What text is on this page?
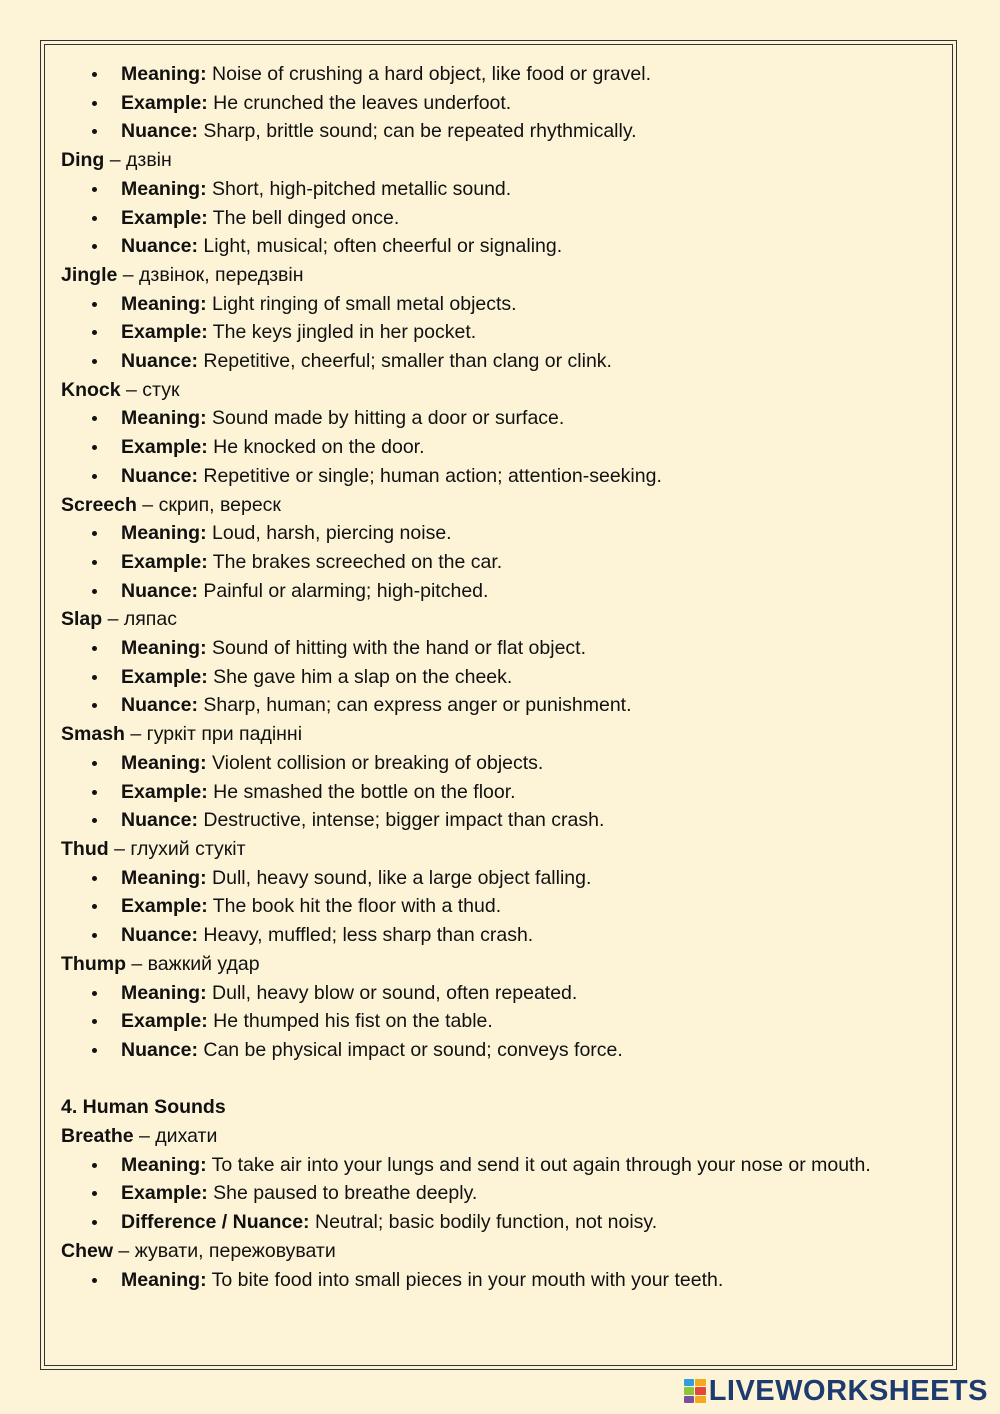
Meaning: Noise of crushing a hard object, like food or gravel.
Example: He crunched the leaves underfoot.
Nuance: Sharp, brittle sound; can be repeated rhythmically.
Ding – дзвін
Meaning: Short, high-pitched metallic sound.
Example: The bell dinged once.
Nuance: Light, musical; often cheerful or signaling.
Jingle – дзвінок, передзвін
Meaning: Light ringing of small metal objects.
Example: The keys jingled in her pocket.
Nuance: Repetitive, cheerful; smaller than clang or clink.
Knock – стук
Meaning: Sound made by hitting a door or surface.
Example: He knocked on the door.
Nuance: Repetitive or single; human action; attention-seeking.
Screech – скрип, вереск
Meaning: Loud, harsh, piercing noise.
Example: The brakes screeched on the car.
Nuance: Painful or alarming; high-pitched.
Slap – ляпас
Meaning: Sound of hitting with the hand or flat object.
Example: She gave him a slap on the cheek.
Nuance: Sharp, human; can express anger or punishment.
Smash – гуркіт при падінні
Meaning: Violent collision or breaking of objects.
Example: He smashed the bottle on the floor.
Nuance: Destructive, intense; bigger impact than crash.
Thud – глухий стукіт
Meaning: Dull, heavy sound, like a large object falling.
Example: The book hit the floor with a thud.
Nuance: Heavy, muffled; less sharp than crash.
Thump – важкий удар
Meaning: Dull, heavy blow or sound, often repeated.
Example: He thumped his fist on the table.
Nuance: Can be physical impact or sound; conveys force.
4. Human Sounds
Breathe – дихати
Meaning: To take air into your lungs and send it out again through your nose or mouth.
Example: She paused to breathe deeply.
Difference / Nuance: Neutral; basic bodily function, not noisy.
Chew – жувати, пережовувати
Meaning: To bite food into small pieces in your mouth with your teeth.
LIVEWORKSHEETS
